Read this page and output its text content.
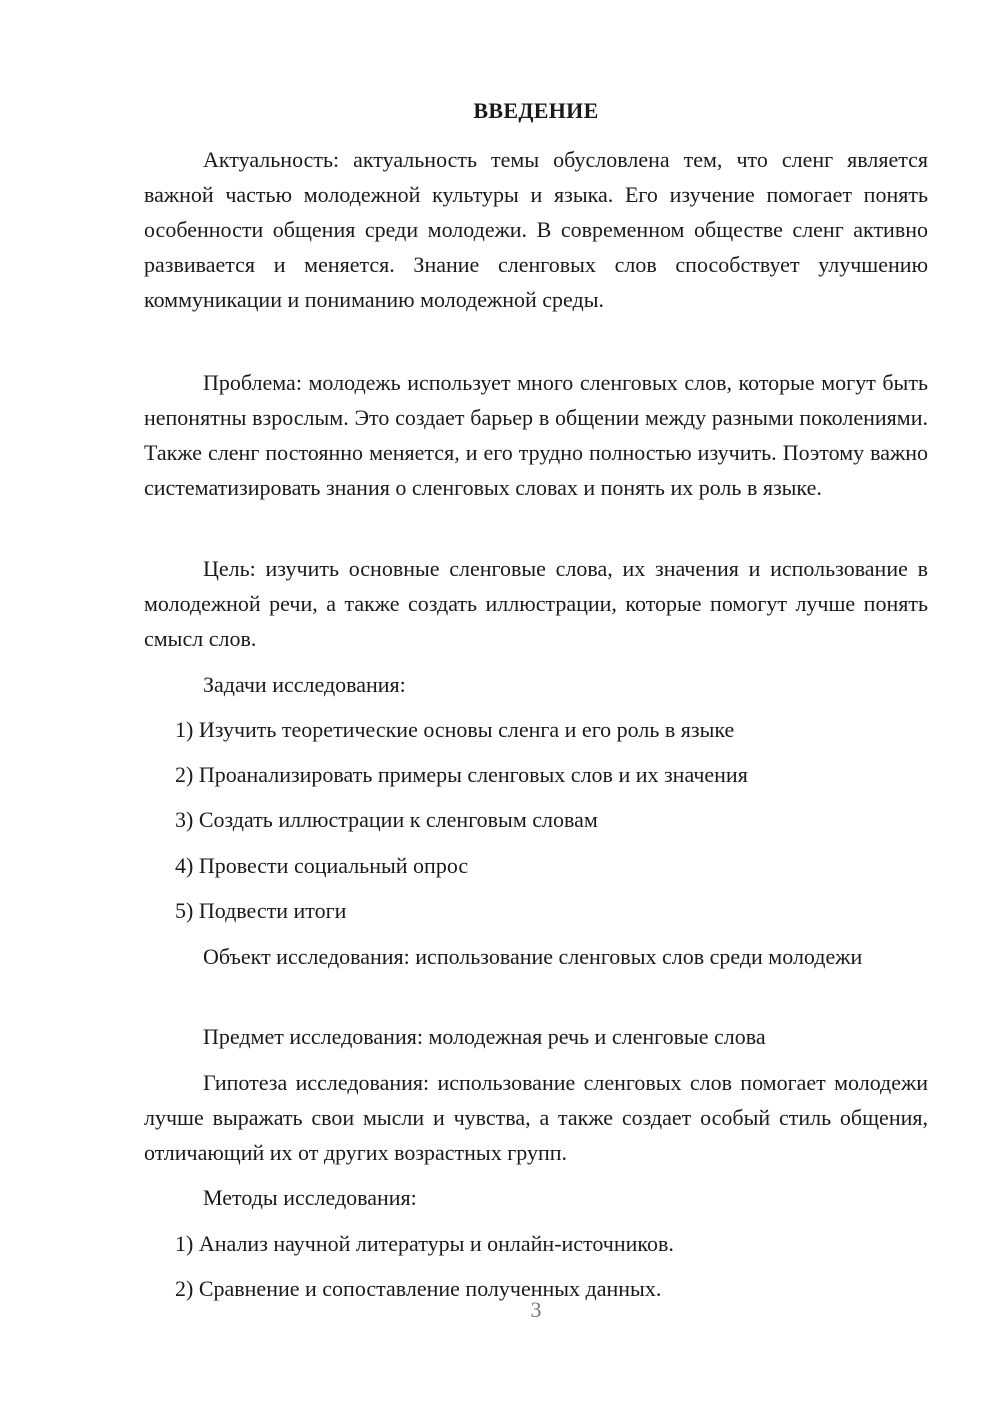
ВВЕДЕНИЕ

Актуальность: актуальность темы обусловлена тем, что сленг является важной частью молодежной культуры и языка. Его изучение помогает понять особенности общения среди молодежи. В современном обществе сленг активно развивается и меняется. Знание сленговых слов способствует улучшению коммуникации и пониманию молодежной среды.

Проблема: молодежь использует много сленговых слов, которые могут быть непонятны взрослым. Это создает барьер в общении между разными поколениями. Также сленг постоянно меняется, и его трудно полностью изучить. Поэтому важно систематизировать знания о сленговых словах и понять их роль в языке.

Цель: изучить основные сленговые слова, их значения и использование в молодежной речи, а также создать иллюстрации, которые помогут лучше понять смысл слов.

Задачи исследования:

1) Изучить теоретические основы сленга и его роль в языке

2) Проанализировать примеры сленговых слов и их значения

3) Создать иллюстрации к сленговым словам

4) Провести социальный опрос

5) Подвести итоги

Объект исследования: использование сленговых слов среди молодежи

Предмет исследования: молодежная речь и сленговые слова

Гипотеза исследования: использование сленговых слов помогает молодежи лучше выражать свои мысли и чувства, а также создает особый стиль общения, отличающий их от других возрастных групп.

Методы исследования:

1) Анализ научной литературы и онлайн-источников.

2) Сравнение и сопоставление полученных данных.

3
